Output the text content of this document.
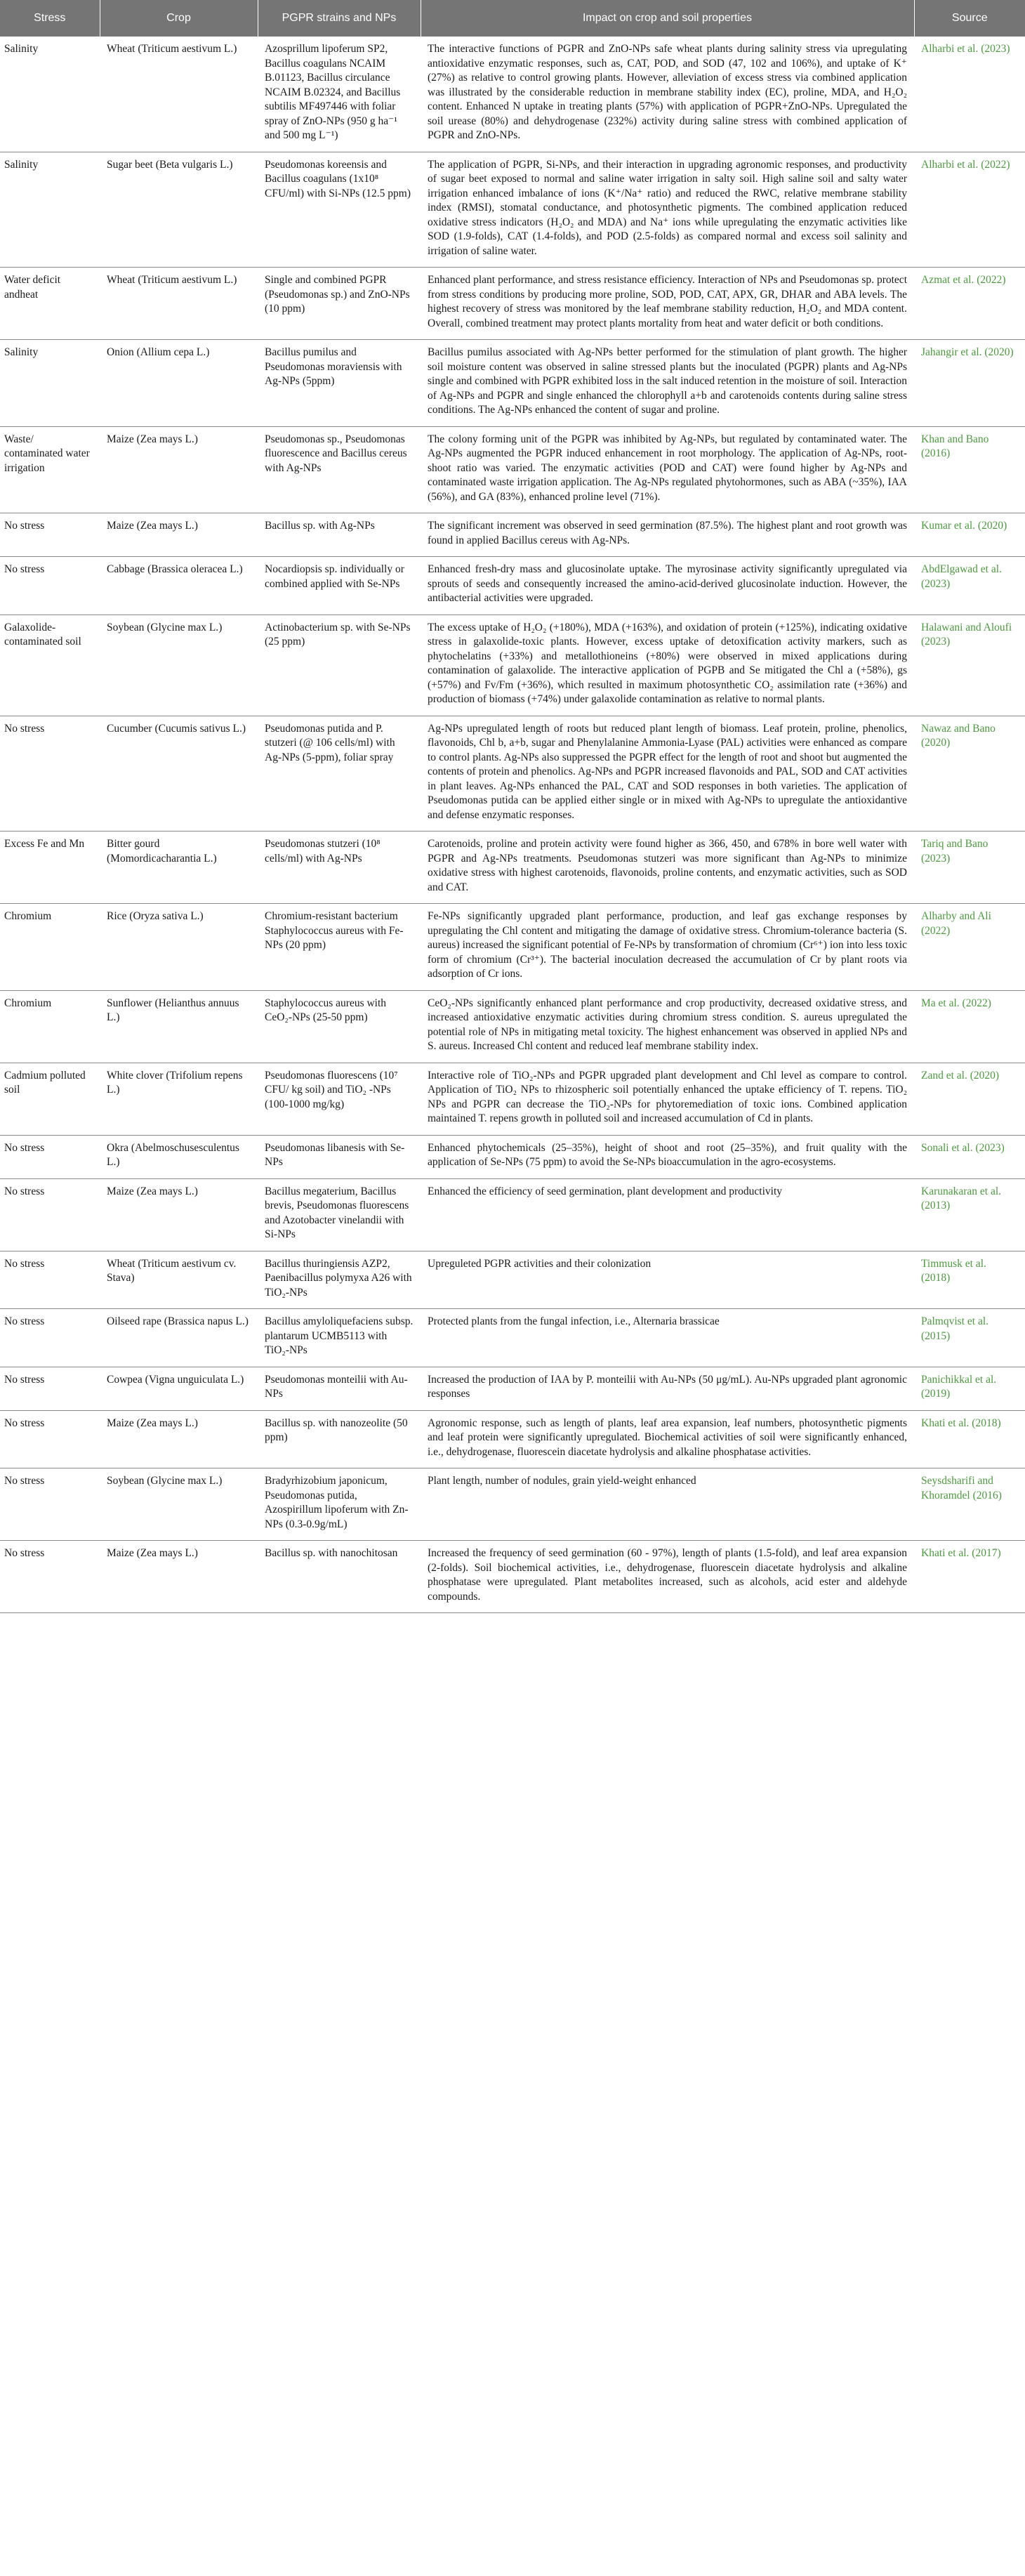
Stress	Crop	PGPR strains and NPs	Impact on crop and soil properties	Source
Salinity	Wheat (Triticum aestivum L.)	Azosprillum lipoferum SP2, Bacillus coagulans NCAIM B.01123, Bacillus circulance NCAIM B.02324, and Bacillus subtilis MF497446 with foliar spray of ZnO-NPs (950 g ha⁻¹ and 500 mg L⁻¹)	The interactive functions of PGPR and ZnO-NPs safe wheat plants during salinity stress via upregulating antioxidative enzymatic responses, such as, CAT, POD, and SOD (47, 102 and 106%), and uptake of K⁺ (27%) as relative to control growing plants. However, alleviation of excess stress via combined application was illustrated by the considerable reduction in membrane stability index (EC), proline, MDA, and H₂O₂ content. Enhanced N uptake in treating plants (57%) with application of PGPR+ZnO-NPs. Upregulated the soil urease (80%) and dehydrogenase (232%) activity during saline stress with combined application of PGPR and ZnO-NPs.	Alharbi et al. (2023)
Salinity	Sugar beet (Beta vulgaris L.)	Pseudomonas koreensis and Bacillus coagulans (1x10⁸ CFU/ml) with Si-NPs (12.5 ppm)	The application of PGPR, Si-NPs, and their interaction in upgrading agronomic responses, and productivity of sugar beet exposed to normal and saline water irrigation in salty soil. High saline soil and salty water irrigation enhanced imbalance of ions (K⁺/Na⁺ ratio) and reduced the RWC, relative membrane stability index (RMSI), stomatal conductance, and photosynthetic pigments. The combined application reduced oxidative stress indicators (H₂O₂ and MDA) and Na⁺ ions while upregulating the enzymatic activities like SOD (1.9-folds), CAT (1.4-folds), and POD (2.5-folds) as compared normal and excess soil salinity and irrigation of saline water.	Alharbi et al. (2022)
Water deficit andheat	Wheat (Triticum aestivum L.)	Single and combined PGPR (Pseudomonas sp.) and ZnO-NPs (10 ppm)	Enhanced plant performance, and stress resistance efficiency. Interaction of NPs and Pseudomonas sp. protect from stress conditions by producing more proline, SOD, POD, CAT, APX, GR, DHAR and ABA levels. The highest recovery of stress was monitored by the leaf membrane stability reduction, H₂O₂ and MDA content. Overall, combined treatment may protect plants mortality from heat and water deficit or both conditions.	Azmat et al. (2022)
Salinity	Onion (Allium cepa L.)	Bacillus pumilus and Pseudomonas moraviensis with Ag-NPs (5ppm)	Bacillus pumilus associated with Ag-NPs better performed for the stimulation of plant growth. The higher soil moisture content was observed in saline stressed plants but the inoculated (PGPR) plants and Ag-NPs single and combined with PGPR exhibited loss in the salt induced retention in the moisture of soil. Interaction of Ag-NPs and PGPR and single enhanced the chlorophyll a+b and carotenoids contents during saline stress conditions. The Ag-NPs enhanced the content of sugar and proline.	Jahangir et al. (2020)
Waste/ contaminated water irrigation	Maize (Zea mays L.)	Pseudomonas sp., Pseudomonas fluorescence and Bacillus cereus with Ag-NPs	The colony forming unit of the PGPR was inhibited by Ag-NPs, but regulated by contaminated water. The Ag-NPs augmented the PGPR induced enhancement in root morphology. The application of Ag-NPs, root-shoot ratio was varied. The enzymatic activities (POD and CAT) were found higher by Ag-NPs and contaminated waste irrigation application. The Ag-NPs regulated phytohormones, such as ABA (~35%), IAA (56%), and GA (83%), enhanced proline level (71%).	Khan and Bano (2016)
No stress	Maize (Zea mays L.)	Bacillus sp. with Ag-NPs	The significant increment was observed in seed germination (87.5%). The highest plant and root growth was found in applied Bacillus cereus with Ag-NPs.	Kumar et al. (2020)
No stress	Cabbage (Brassica oleracea L.)	Nocardiopsis sp. individually or combined applied with Se-NPs	Enhanced fresh-dry mass and glucosinolate uptake. The myrosinase activity significantly upregulated via sprouts of seeds and consequently increased the amino-acid-derived glucosinolate induction. However, the antibacterial activities were upgraded.	AbdElgawad et al. (2023)
Galaxolide-contaminated soil	Soybean (Glycine max L.)	Actinobacterium sp. with Se-NPs (25 ppm)	The excess uptake of H₂O₂ (+180%), MDA (+163%), and oxidation of protein (+125%), indicating oxidative stress in galaxolide-toxic plants. However, excess uptake of detoxification activity markers, such as phytochelatins (+33%) and metallothioneins (+80%) were observed in mixed applications during contamination of galaxolide. The interactive application of PGPB and Se mitigated the Chl a (+58%), gs (+57%) and Fv/Fm (+36%), which resulted in maximum photosynthetic CO₂ assimilation rate (+36%) and production of biomass (+74%) under galaxolide contamination as relative to normal plants.	Halawani and Aloufi (2023)
No stress	Cucumber (Cucumis sativus L.)	Pseudomonas putida and P. stutzeri (@ 106 cells/ml) with Ag-NPs (5-ppm), foliar spray	Ag-NPs upregulated length of roots but reduced plant length of biomass. Leaf protein, proline, phenolics, flavonoids, Chl b, a+b, sugar and Phenylalanine Ammonia-Lyase (PAL) activities were enhanced as compare to control plants. Ag-NPs also suppressed the PGPR effect for the length of root and shoot but augmented the contents of protein and phenolics. Ag-NPs and PGPR increased flavonoids and PAL, SOD and CAT activities in plant leaves. Ag-NPs enhanced the PAL, CAT and SOD responses in both varieties. The application of Pseudomonas putida can be applied either single or in mixed with Ag-NPs to upregulate the antioxidantive and defense enzymatic responses.	Nawaz and Bano (2020)
Excess Fe and Mn	Bitter gourd (Momordicacharantia L.)	Pseudomonas stutzeri (10⁸ cells/ml) with Ag-NPs	Carotenoids, proline and protein activity were found higher as 366, 450, and 678% in bore well water with PGPR and Ag-NPs treatments. Pseudomonas stutzeri was more significant than Ag-NPs to minimize oxidative stress with highest carotenoids, flavonoids, proline contents, and enzymatic activities, such as SOD and CAT.	Tariq and Bano (2023)
Chromium	Rice (Oryza sativa L.)	Chromium-resistant bacterium Staphylococcus aureus with Fe-NPs (20 ppm)	Fe-NPs significantly upgraded plant performance, production, and leaf gas exchange responses by upregulating the Chl content and mitigating the damage of oxidative stress. Chromium-tolerance bacteria (S. aureus) increased the significant potential of Fe-NPs by transformation of chromium (Cr⁶⁺) ion into less toxic form of chromium (Cr³⁺). The bacterial inoculation decreased the accumulation of Cr by plant roots via adsorption of Cr ions.	Alharby and Ali (2022)
Chromium	Sunflower (Helianthus annuus L.)	Staphylococcus aureus with CeO₂-NPs (25-50 ppm)	CeO₂-NPs significantly enhanced plant performance and crop productivity, decreased oxidative stress, and increased antioxidative enzymatic activities during chromium stress condition. S. aureus upregulated the potential role of NPs in mitigating metal toxicity. The highest enhancement was observed in applied NPs and S. aureus. Increased Chl content and reduced leaf membrane stability index.	Ma et al. (2022)
Cadmium polluted soil	White clover (Trifolium repens L.)	Pseudomonas fluorescens (10⁷ CFU/ kg soil) and TiO₂ -NPs (100-1000 mg/kg)	Interactive role of TiO₂-NPs and PGPR upgraded plant development and Chl level as compare to control. Application of TiO₂ NPs to rhizospheric soil potentially enhanced the uptake efficiency of T. repens. TiO₂ NPs and PGPR can decrease the TiO₂-NPs for phytoremediation of toxic ions. Combined application maintained T. repens growth in polluted soil and increased accumulation of Cd in plants.	Zand et al. (2020)
No stress	Okra (Abelmoschusesculentus L.)	Pseudomonas libanesis with Se-NPs	Enhanced phytochemicals (25–35%), height of shoot and root (25–35%), and fruit quality with the application of Se-NPs (75 ppm) to avoid the Se-NPs bioaccumulation in the agro-ecosystems.	Sonali et al. (2023)
No stress	Maize (Zea mays L.)	Bacillus megaterium, Bacillus brevis, Pseudomonas fluorescens and Azotobacter vinelandii with Si-NPs	Enhanced the efficiency of seed germination, plant development and productivity	Karunakaran et al. (2013)
No stress	Wheat (Triticum aestivum cv. Stava)	Bacillus thuringiensis AZP2, Paenibacillus polymyxa A26 with TiO₂-NPs	Upreguleted PGPR activities and their colonization	Timmusk et al. (2018)
No stress	Oilseed rape (Brassica napus L.)	Bacillus amyloliquefaciens subsp. plantarum UCMB5113 with TiO₂-NPs	Protected plants from the fungal infection, i.e., Alternaria brassicae	Palmqvist et al. (2015)
No stress	Cowpea (Vigna unguiculata L.)	Pseudomonas monteilii with Au-NPs	Increased the production of IAA by P. monteilii with Au-NPs (50 μg/mL). Au-NPs upgraded plant agronomic responses	Panichikkal et al. (2019)
No stress	Maize (Zea mays L.)	Bacillus sp. with nanozeolite (50 ppm)	Agronomic response, such as length of plants, leaf area expansion, leaf numbers, photosynthetic pigments and leaf protein were significantly upregulated. Biochemical activities of soil were significantly enhanced, i.e., dehydrogenase, fluorescein diacetate hydrolysis and alkaline phosphatase activities.	Khati et al. (2018)
No stress	Soybean (Glycine max L.)	Bradyrhizobium japonicum, Pseudomonas putida, Azospirillum lipoferum with Zn-NPs (0.3-0.9g/mL)	Plant length, number of nodules, grain yield-weight enhanced	Seysdsharifi and Khoramdel (2016)
No stress	Maize (Zea mays L.)	Bacillus sp. with nanochitosan	Increased the frequency of seed germination (60 - 97%), length of plants (1.5-fold), and leaf area expansion (2-folds). Soil biochemical activities, i.e., dehydrogenase, fluorescein diacetate hydrolysis and alkaline phosphatase were upregulated. Plant metabolites increased, such as alcohols, acid ester and aldehyde compounds.	Khati et al. (2017)
